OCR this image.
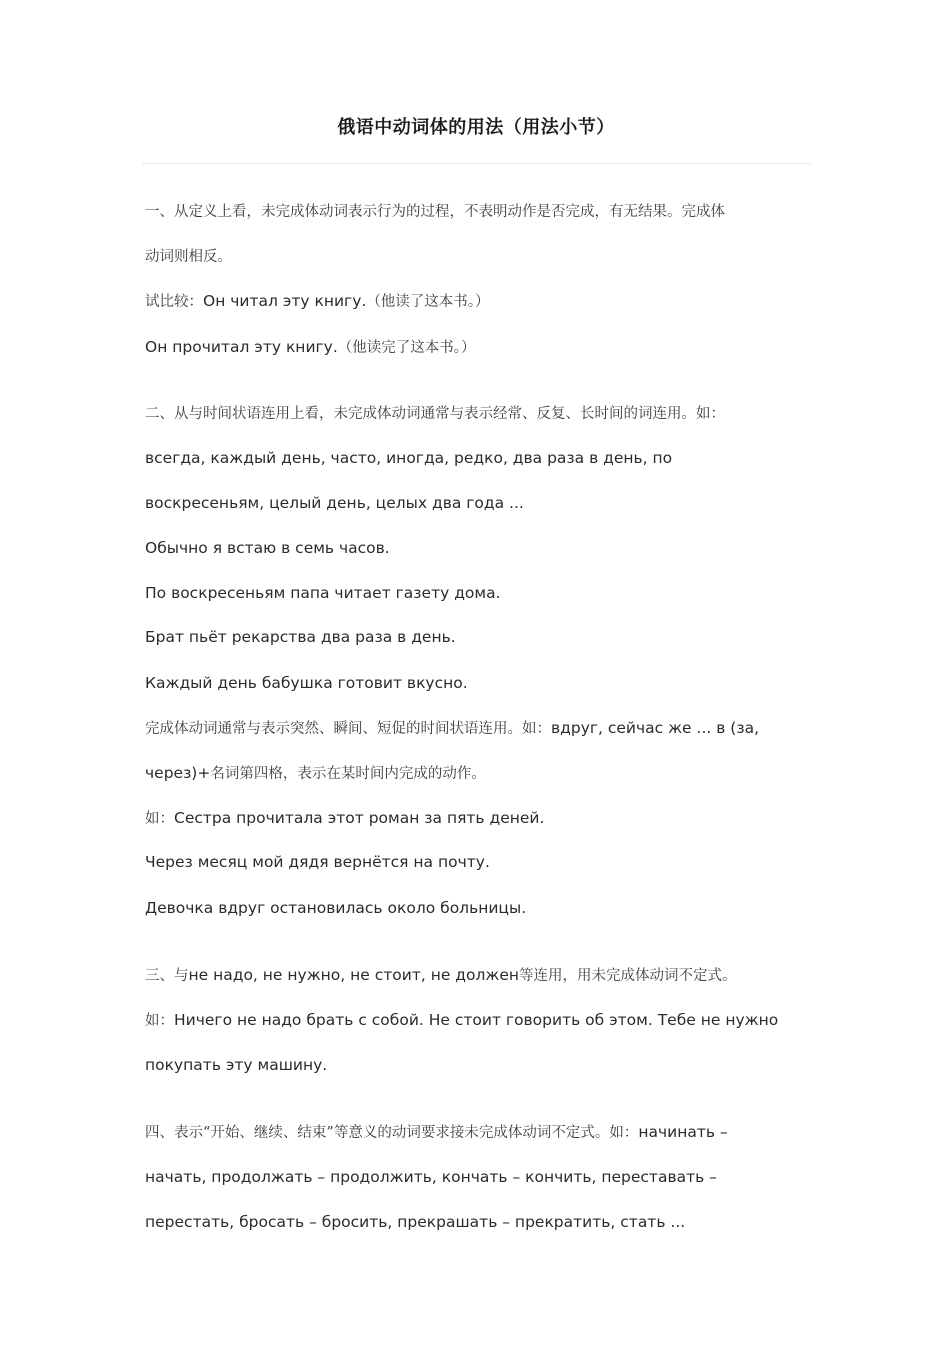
俄语中动词体的用法（用法小节）
一、从定义上看，未完成体动词表示行为的过程，不表明动作是否完成，有无结果。完成体
动词则相反。
试比较：Он читал эту книгу.（他读了这本书。）
Он прочитал эту книгу.（他读完了这本书。）
二、从与时间状语连用上看，未完成体动词通常与表示经常、反复、长时间的词连用。如：
всегда, каждый день, часто, иногда, редко, два раза в день, по
воскресеньям, целый день, целых два года ...
Обычно я встаю в семь часов.
По воскресеньям папа читает газету дома.
Брат пьёт рекарства два раза в день.
Каждый день бабушка готовит вкусно.
完成体动词通常与表示突然、瞬间、短促的时间状语连用。如：вдруг, сейчас же ... в (за,
через)+名词第四格，表示在某时间内完成的动作。
如：Сестра прочитала этот роман за пять деней.
Через месяц мой дядя вернётся на почту.
Девочка вдруг остановилась около больницы.
三、与не надо, не нужно, не стоит, не должен等连用，用未完成体动词不定式。
如：Ничего не надо брать с собой. Не стоит говорить об этом. Тебе не нужно
покупать эту машину.
四、表示“开始、继续、结束”等意义的动词要求接未完成体动词不定式。如：начинать –
начать, продолжать – продолжить, кончать – кончить, переставать –
перестать, бросать – бросить, прекрашать – прекратить, стать ...
